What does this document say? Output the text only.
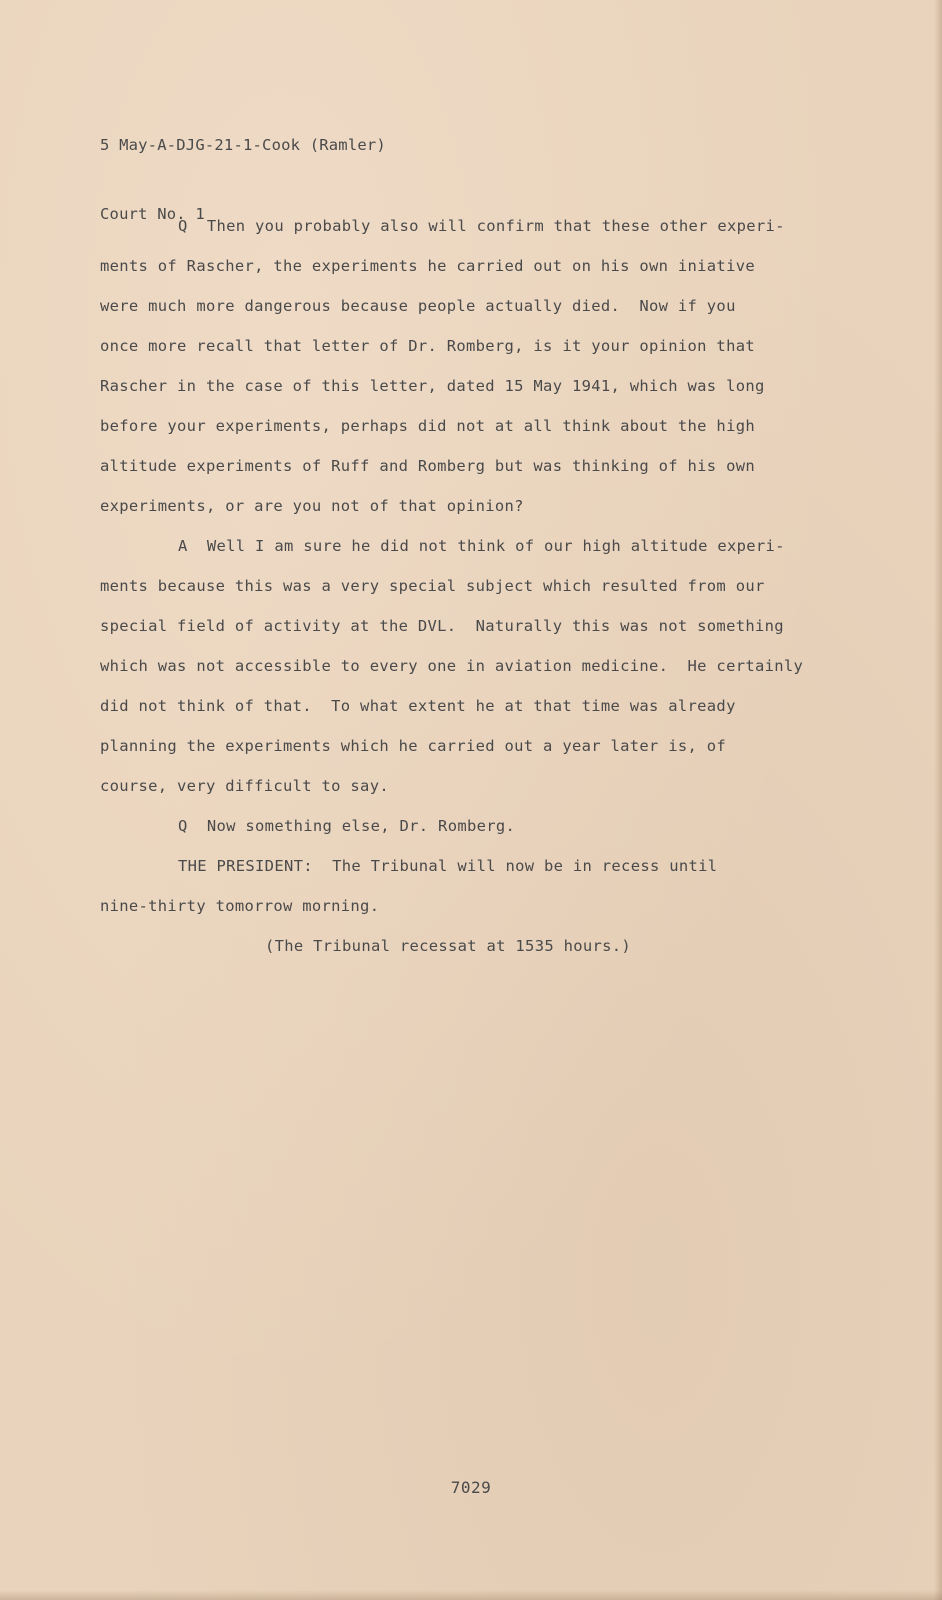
5 May-A-DJG-21-1-Cook (Ramler)

Court No. 1

Q  Then you probably also will confirm that these other experi-
ments of Rascher, the experiments he carried out on his own iniative
were much more dangerous because people actually died.  Now if you
once more recall that letter of Dr. Romberg, is it your opinion that
Rascher in the case of this letter, dated 15 May 1941, which was long
before your experiments, perhaps did not at all think about the high
altitude experiments of Ruff and Romberg but was thinking of his own
experiments, or are you not of that opinion?
A  Well I am sure he did not think of our high altitude experi-
ments because this was a very special subject which resulted from our
special field of activity at the DVL.  Naturally this was not something
which was not accessible to every one in aviation medicine.  He certainly
did not think of that.  To what extent he at that time was already
planning the experiments which he carried out a year later is, of
course, very difficult to say.
Q  Now something else, Dr. Romberg.
THE PRESIDENT:  The Tribunal will now be in recess until
nine-thirty tomorrow morning.
(The Tribunal recessat at 1535 hours.)
7029
